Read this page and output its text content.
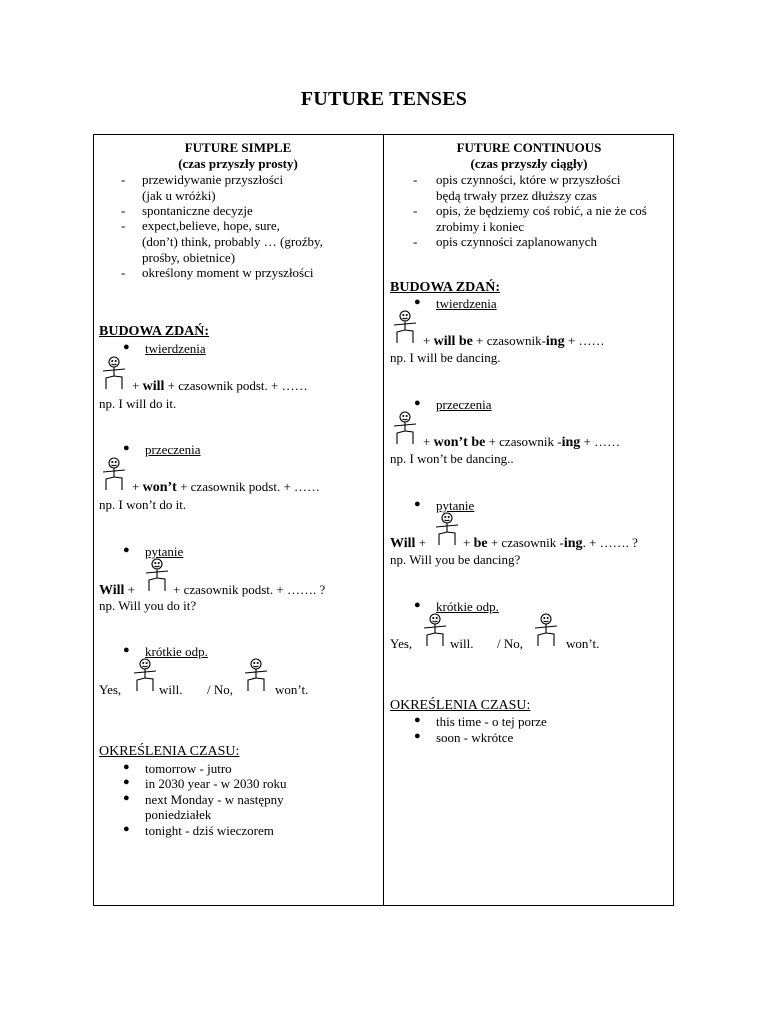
FUTURE TENSES
FUTURE SIMPLE
(czas przyszły prosty)
- przewidywanie przyszłości
(jak u wróżki)
- spontaniczne decyzje
- expect,believe, hope, sure,
(don’t) think, probably … (groźby,
prośby, obietnice)
- określony moment w przyszłości
BUDOWA ZDAŃ:
● twierdzenia
+ will + czasownik podst. + ……
np. I will do it.
● przeczenia
+ won’t + czasownik podst. + ……
np. I won’t do it.
● pytanie
Will +	+ czasownik podst. + ……. ?
np. Will you do it?
● krótkie odp.
Yes,	will. / No,	won’t.
OKREŚLENIA CZASU:
● tomorrow - jutro
● in 2030 year - w 2030 roku
● next Monday - w następny
poniedziałek
● tonight - dziś wieczorem
FUTURE CONTINUOUS
(czas przyszły ciągły)
- opis czynności, które w przyszłości
będą trwały przez dłuższy czas
- opis, że będziemy coś robić, a nie że coś
zrobimy i koniec
- opis czynności zaplanowanych
BUDOWA ZDAŃ:
● twierdzenia
+ will be + czasownik-ing + ……
np. I will be dancing.
● przeczenia
+ won’t be + czasownik -ing + ……
np. I won’t be dancing..
● pytanie
Will +	+ be + czasownik -ing. + ……. ?
np. Will you be dancing?
● krótkie odp.
Yes,	will. / No,	won’t.
OKREŚLENIA CZASU:
● this time - o tej porze
● soon - wkrótce
